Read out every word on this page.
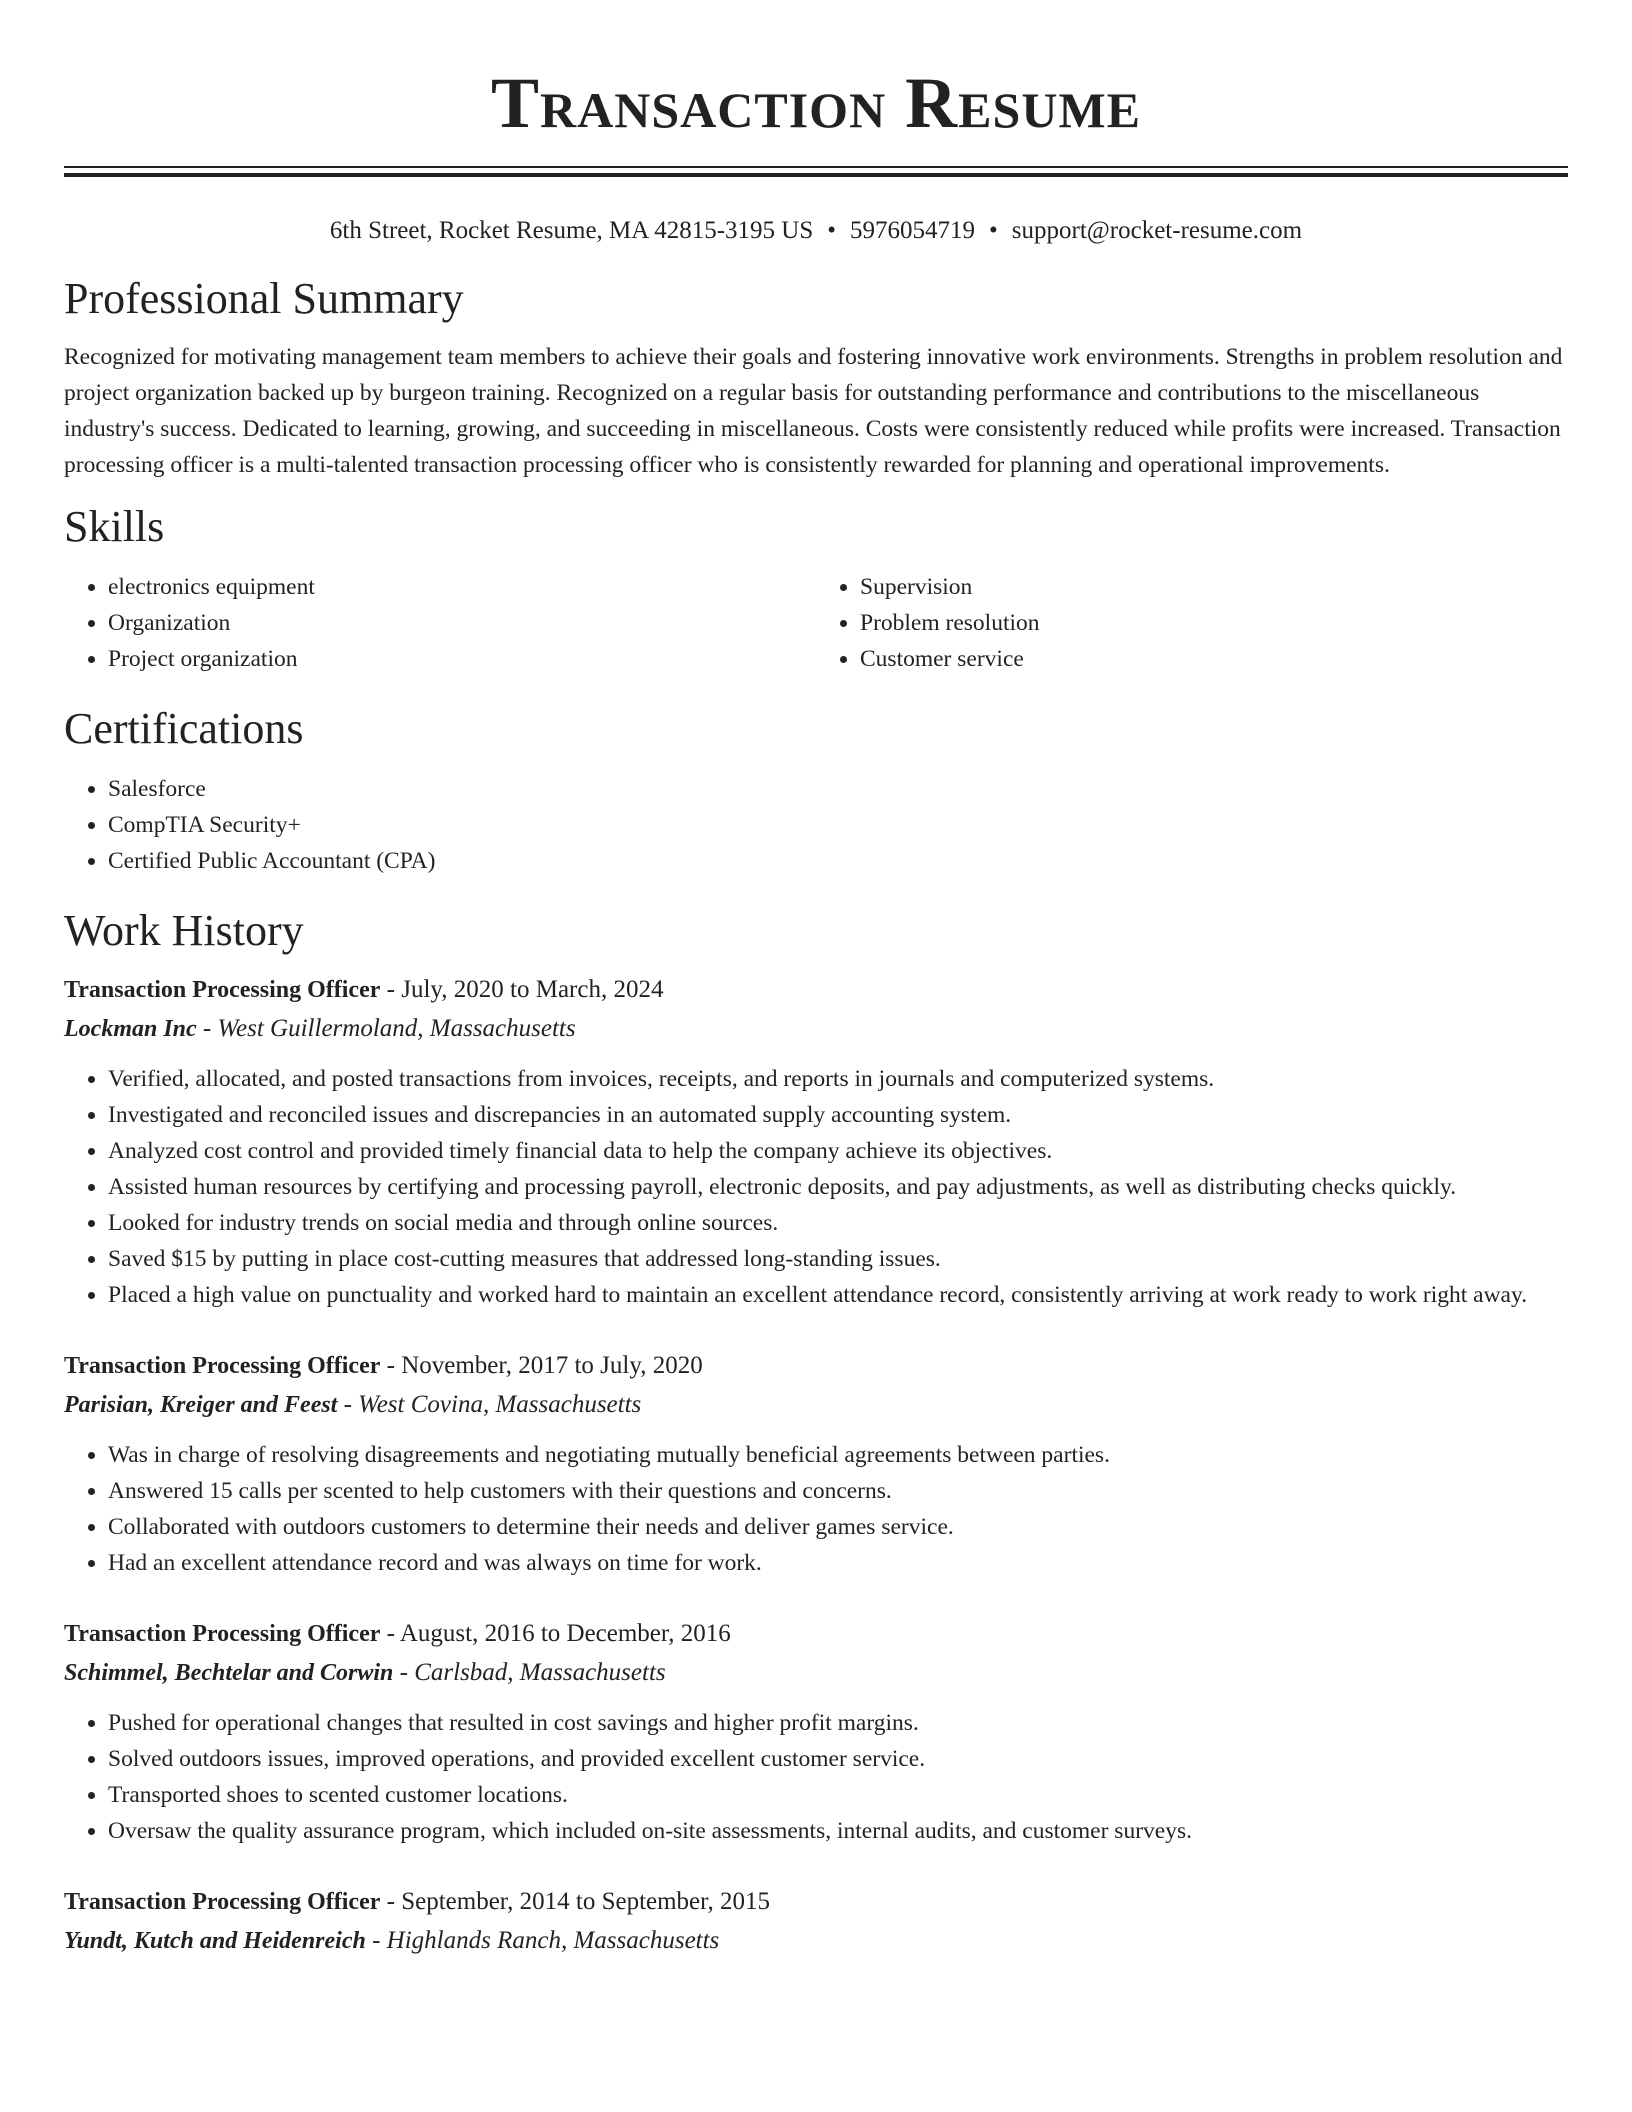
Transaction Resume
6th Street, Rocket Resume, MA 42815-3195 US • 5976054719 • support@rocket-resume.com
Professional Summary

Recognized for motivating management team members to achieve their goals and fostering innovative work environments. Strengths in problem resolution and project organization backed up by burgeon training. Recognized on a regular basis for outstanding performance and contributions to the miscellaneous industry's success. Dedicated to learning, growing, and succeeding in miscellaneous. Costs were consistently reduced while profits were increased. Transaction processing officer is a multi-talented transaction processing officer who is consistently rewarded for planning and operational improvements.

Skills
• electronics equipment
• Organization
• Project organization
• Supervision
• Problem resolution
• Customer service
Certifications
• Salesforce
• CompTIA Security+
• Certified Public Accountant (CPA)
Work History

Transaction Processing Officer - July, 2020 to March, 2024

Lockman Inc - West Guillermoland, Massachusetts

• Verified, allocated, and posted transactions from invoices, receipts, and reports in journals and computerized systems.
• Investigated and reconciled issues and discrepancies in an automated supply accounting system.
• Analyzed cost control and provided timely financial data to help the company achieve its objectives.
• Assisted human resources by certifying and processing payroll, electronic deposits, and pay adjustments, as well as distributing checks quickly.
• Looked for industry trends on social media and through online sources.
• Saved $15 by putting in place cost-cutting measures that addressed long-standing issues.
• Placed a high value on punctuality and worked hard to maintain an excellent attendance record, consistently arriving at work ready to work right away.

Transaction Processing Officer - November, 2017 to July, 2020

Parisian, Kreiger and Feest - West Covina, Massachusetts

• Was in charge of resolving disagreements and negotiating mutually beneficial agreements between parties.
• Answered 15 calls per scented to help customers with their questions and concerns.
• Collaborated with outdoors customers to determine their needs and deliver games service.
• Had an excellent attendance record and was always on time for work.

Transaction Processing Officer - August, 2016 to December, 2016

Schimmel, Bechtelar and Corwin - Carlsbad, Massachusetts

• Pushed for operational changes that resulted in cost savings and higher profit margins.
• Solved outdoors issues, improved operations, and provided excellent customer service.
• Transported shoes to scented customer locations.
• Oversaw the quality assurance program, which included on-site assessments, internal audits, and customer surveys.

Transaction Processing Officer - September, 2014 to September, 2015

Yundt, Kutch and Heidenreich - Highlands Ranch, Massachusetts
